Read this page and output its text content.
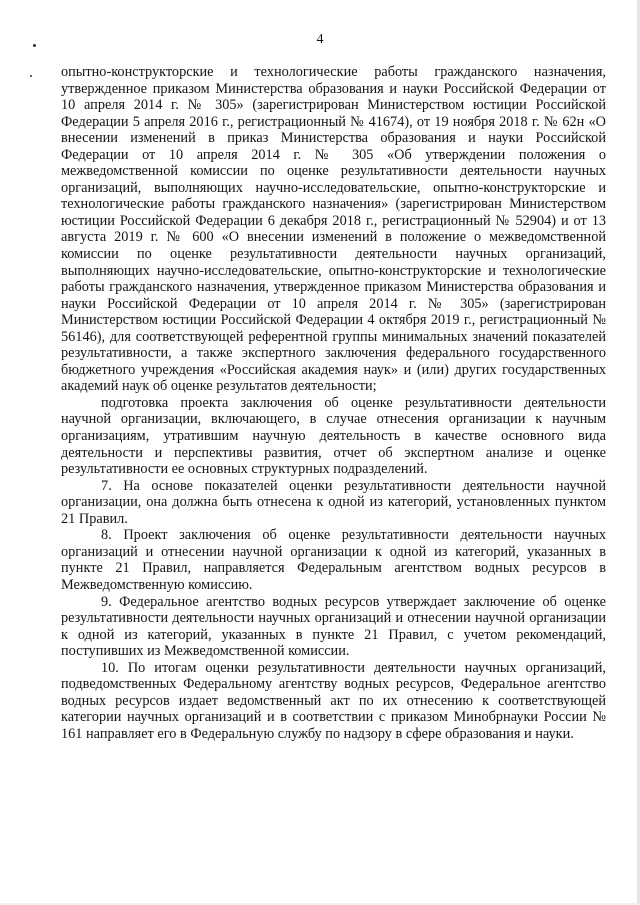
4

опытно-конструкторские и технологические работы гражданского назначения, утвержденное приказом Министерства образования и науки Российской Федерации от 10 апреля 2014 г. № 305» (зарегистрирован Министерством юстиции Российской Федерации 5 апреля 2016 г., регистрационный № 41674), от 19 ноября 2018 г. № 62н «О внесении изменений в приказ Министерства образования и науки Российской Федерации от 10 апреля 2014 г. № 305 «Об утверждении положения о межведомственной комиссии по оценке результативности деятельности научных организаций, выполняющих научно-исследовательские, опытно-конструкторские и технологические работы гражданского назначения» (зарегистрирован Министерством юстиции Российской Федерации 6 декабря 2018 г., регистрационный № 52904) и от 13 августа 2019 г. № 600 «О внесении изменений в положение о межведомственной комиссии по оценке результативности деятельности научных организаций, выполняющих научно-исследовательские, опытно-конструкторские и технологические работы гражданского назначения, утвержденное приказом Министерства образования и науки Российской Федерации от 10 апреля 2014 г. № 305» (зарегистрирован Министерством юстиции Российской Федерации 4 октября 2019 г., регистрационный № 56146), для соответствующей референтной группы минимальных значений показателей результативности, а также экспертного заключения федерального государственного бюджетного учреждения «Российская академия наук» и (или) других государственных академий наук об оценке результатов деятельности;

подготовка проекта заключения об оценке результативности деятельности научной организации, включающего, в случае отнесения организации к научным организациям, утратившим научную деятельность в качестве основного вида деятельности и перспективы развития, отчет об экспертном анализе и оценке результативности ее основных структурных подразделений.

7. На основе показателей оценки результативности деятельности научной организации, она должна быть отнесена к одной из категорий, установленных пунктом 21 Правил.

8. Проект заключения об оценке результативности деятельности научных организаций и отнесении научной организации к одной из категорий, указанных в пункте 21 Правил, направляется Федеральным агентством водных ресурсов в Межведомственную комиссию.

9. Федеральное агентство водных ресурсов утверждает заключение об оценке результативности деятельности научных организаций и отнесении научной организации к одной из категорий, указанных в пункте 21 Правил, с учетом рекомендаций, поступивших из Межведомственной комиссии.

10. По итогам оценки результативности деятельности научных организаций, подведомственных Федеральному агентству водных ресурсов, Федеральное агентство водных ресурсов издает ведомственный акт по их отнесению к соответствующей категории научных организаций и в соответствии с приказом Минобрнауки России № 161 направляет его в Федеральную службу по надзору в сфере образования и науки.
